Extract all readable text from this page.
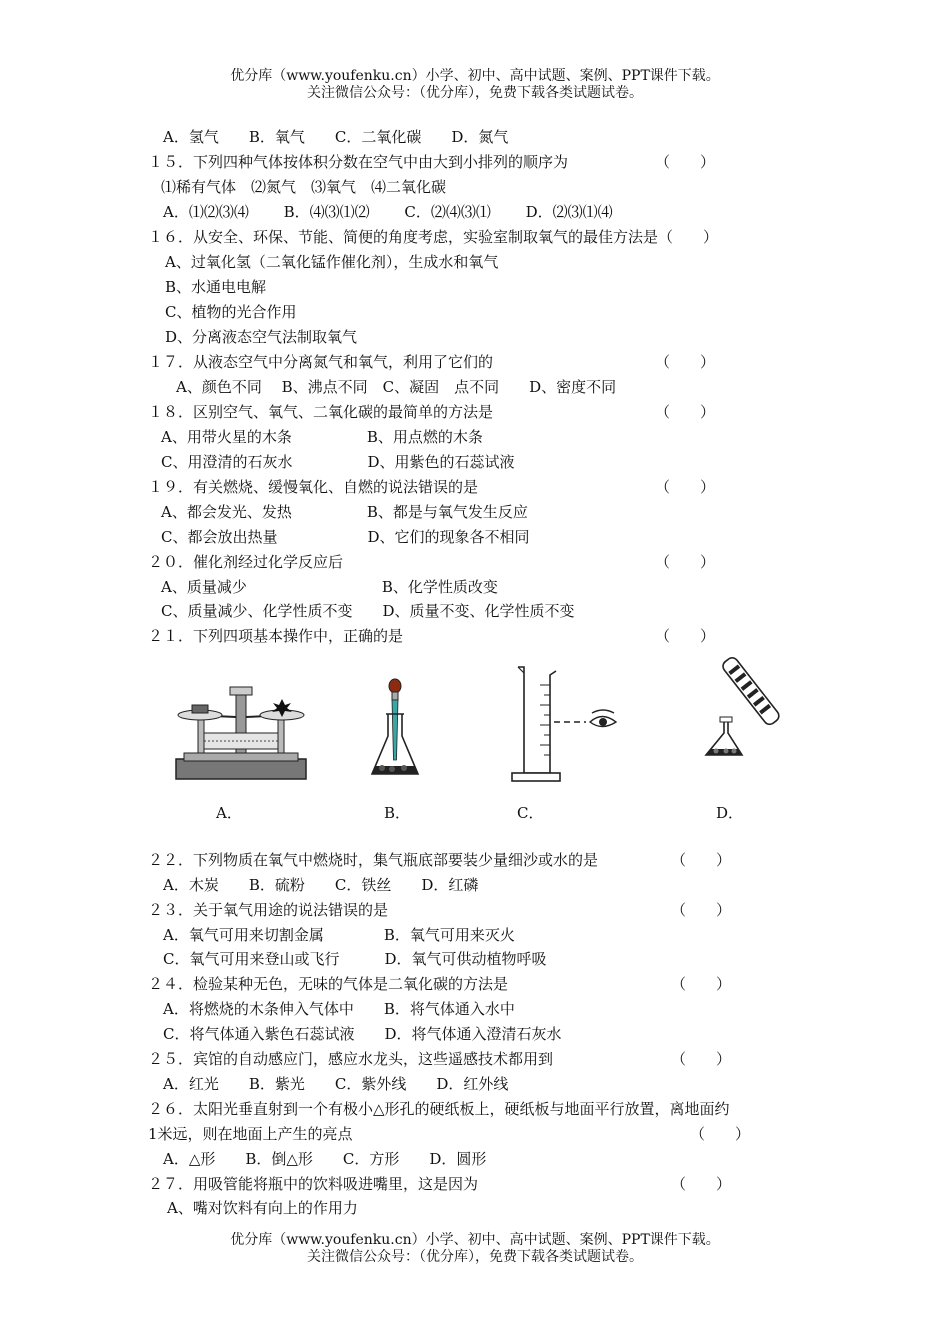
优分库（www.youfenku.cn）小学、初中、高中试题、案例、PPT课件下载。
关注微信公众号：（优分库），免费下载各类试题试卷。
A．氢气　　B．氧气　　C．二氧化碳　　D．氮气
１５．下列四种气体按体积分数在空气中由大到小排列的顺序为	（　　）
⑴稀有气体　⑵氮气　⑶氧气　⑷二氧化碳
A．⑴⑵⑶⑷　　 B．⑷⑶⑴⑵　　 C．⑵⑷⑶⑴　　 D．⑵⑶⑴⑷
１６．从安全、环保、节能、简便的角度考虑，实验室制取氧气的最佳方法是（　　）
A、过氧化氢（二氧化锰作催化剂），生成水和氧气
B、水通电电解
C、植物的光合作用
D、分离液态空气法制取氧气
１７．从液态空气中分离氮气和氧气，利用了它们的	（　　）
A、颜色不同　 B、沸点不同　C、凝固　点不同　　D、密度不同
１８．区别空气、氧气、二氧化碳的最简单的方法是	（　　）
A、用带火星的木条　　　　　B、用点燃的木条
C、用澄清的石灰水　　　　　D、用紫色的石蕊试液
１９．有关燃烧、缓慢氧化、自燃的说法错误的是	（　　）
A、都会发光、发热　　　　　B、都是与氧气发生反应
C、都会放出热量　　　　　　D、它们的现象各不相同
２０．催化剂经过化学反应后	（　　）
A、质量减少　　　　　　　　　B、化学性质改变
C、质量减少、化学性质不变　　D、质量不变、化学性质不变
２１．下列四项基本操作中，正确的是	（　　）
A．	B．	C．	D．
２２．下列物质在氧气中燃烧时，集气瓶底部要装少量细沙或水的是	（　　）
A．木炭　　B．硫粉　　C．铁丝　　D．红磷
２３．关于氧气用途的说法错误的是	（　　）
A．氧气可用来切割金属　　　　B．氧气可用来灭火
C．氧气可用来登山或飞行　　　D．氧气可供动植物呼吸
２４．检验某种无色，无味的气体是二氧化碳的方法是	（　　）
A．将燃烧的木条伸入气体中　　B．将气体通入水中
C．将气体通入紫色石蕊试液　　D．将气体通入澄清石灰水
２５．宾馆的自动感应门，感应水龙头，这些遥感技术都用到	（　　）
A．红光　　B．紫光　　C．紫外线　　D．红外线
２６．太阳光垂直射到一个有极小△形孔的硬纸板上，硬纸板与地面平行放置，离地面约
1米远，则在地面上产生的亮点	（　　）
A．△形　　B．倒△形　　C．方形　　D．圆形
２７．用吸管能将瓶中的饮料吸进嘴里，这是因为	（　　）
A、嘴对饮料有向上的作用力
优分库（www.youfenku.cn）小学、初中、高中试题、案例、PPT课件下载。
关注微信公众号：（优分库），免费下载各类试题试卷。
